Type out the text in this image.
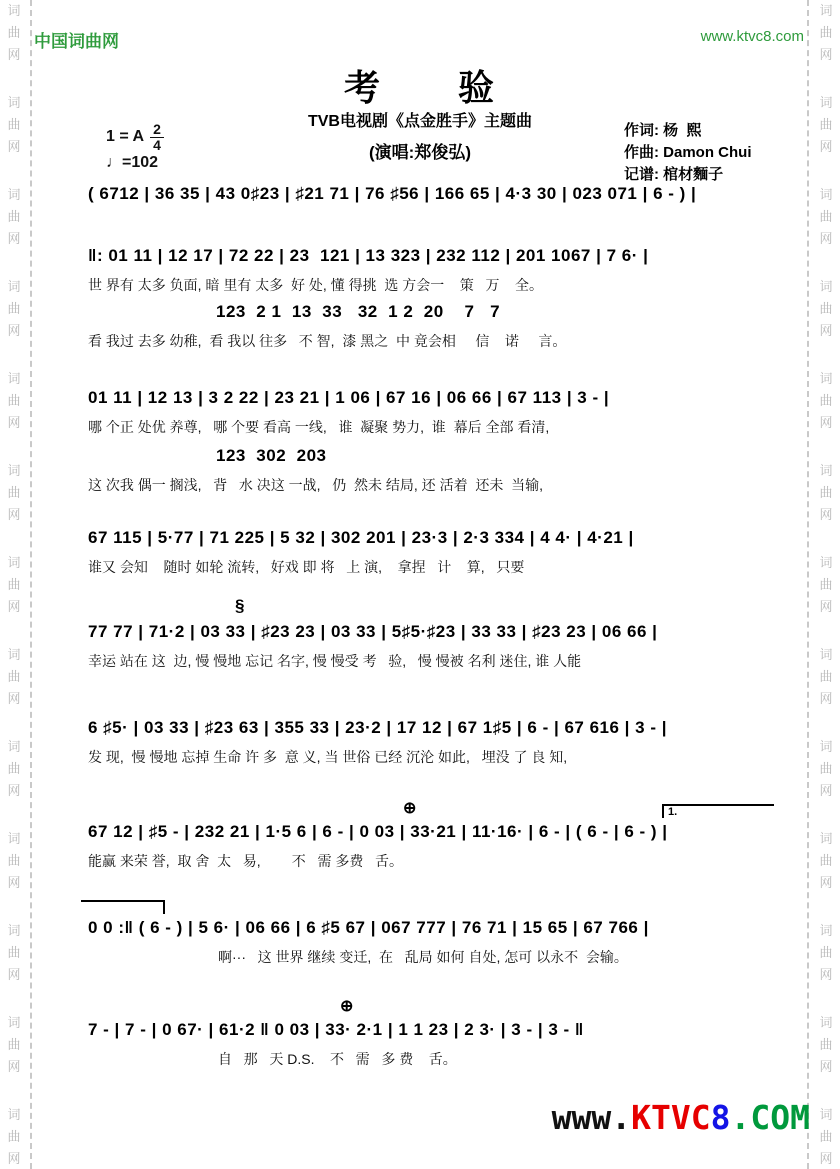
词
曲
网
词
曲
网
词
曲
网
词
曲
网
词
曲
网
词
曲
网
词
曲
网
词
曲
网
词
曲
网
词
曲
网
词
曲
网
词
曲
网
词
曲
网
词
曲
网
词
曲
网
词
曲
网
词
曲
网
词
曲
网
词
曲
网
词
曲
网
词
曲
网
词
曲
网
词
曲
网
词
曲
网
词
曲
网
词
曲
网
中国词曲网	www.ktvc8.com
考　　验
TVB电视剧《点金胜手》主题曲
(演唱:郑俊弘)
1 = A $\frac{2}{4}$
♩=102
作词: 杨  熙
作曲: Damon Chui
记谱: 棺材麵子
( 6712 | 36 35 | 43 0♯23 | ♯21 71 | 76 ♯56 | 166 65 | 4·3 30 | 023 071 | 6 - ) |
‖: 01 11 | 12 17 | 72 22 | 23  121 | 13 323 | 232 112 | 201 1067 | 7 6· |
世 界有 太多 负面, 暗 里有 太多  好 处, 懂 得挑  选 方会一    策   万    全。
123  2 1  13  33   32  1 2  20    7   7
看 我过 去多 幼稚,  看 我以 往多   不 智,  漆 黑之  中 竟会相     信    诺     言。
01 11 | 12 13 | 3 2 22 | 23 21 | 1 06 | 67 16 | 06 66 | 67 113 | 3 - |
哪 个正 处优 养尊,   哪 个要 看高 一线,   谁  凝聚 势力,  谁  幕后 全部 看清,
123  302  203
这 次我 偶一 搁浅,   背   水 决这 一战,   仍  然未 结局, 还 活着  还未  当输,
67 115 | 5·77 | 71 225 | 5 32 | 302 201 | 23·3 | 2·3 334 | 4 4· | 4·21 |
谁又 会知    随时 如轮 流转,   好戏 即 将   上 演,    拿捏   计    算,   只要
§
77 77 | 71·2 | 03 33 | ♯23 23 | 03 33 | 5♯5·♯23 | 33 33 | ♯23 23 | 06 66 |
幸运 站在 这  边, 慢 慢地 忘记 名字, 慢 慢受 考   验,   慢 慢被 名利 迷住, 谁 人能
6 ♯5· | 03 33 | ♯23 63 | 355 33 | 23·2 | 17 12 | 67 1♯5 | 6 - | 67 616 | 3 - |
发 现,  慢 慢地 忘掉 生命 许 多  意 义, 当 世俗 已经 沉沦 如此,   埋没 了 良 知,
⊕	1.
67 12 | ♯5 - | 232 21 | 1·5 6 | 6 - | 0 03 | 33·21 | 11·16· | 6 - | ( 6 - | 6 - ) |
能赢 来荣 誉,  取 舍  太   易,        不   需 多费   舌。
0 0 :‖ ( 6 - ) | 5 6· | 06 66 | 6 ♯5 67 | 067 777 | 76 71 | 15 65 | 67 766 |
啊···   这 世界 继续 变迁,  在   乱局 如何 自处, 怎可 以永不  会输。
⊕
7 - | 7 - | 0 67· | 61·2 ‖ 0 03 | 33· 2·1 | 1 1 23 | 2 3· | 3 - | 3 - ‖
自   那   天 D.S.    不   需   多 费    舌。
www.KTVC8.COM
